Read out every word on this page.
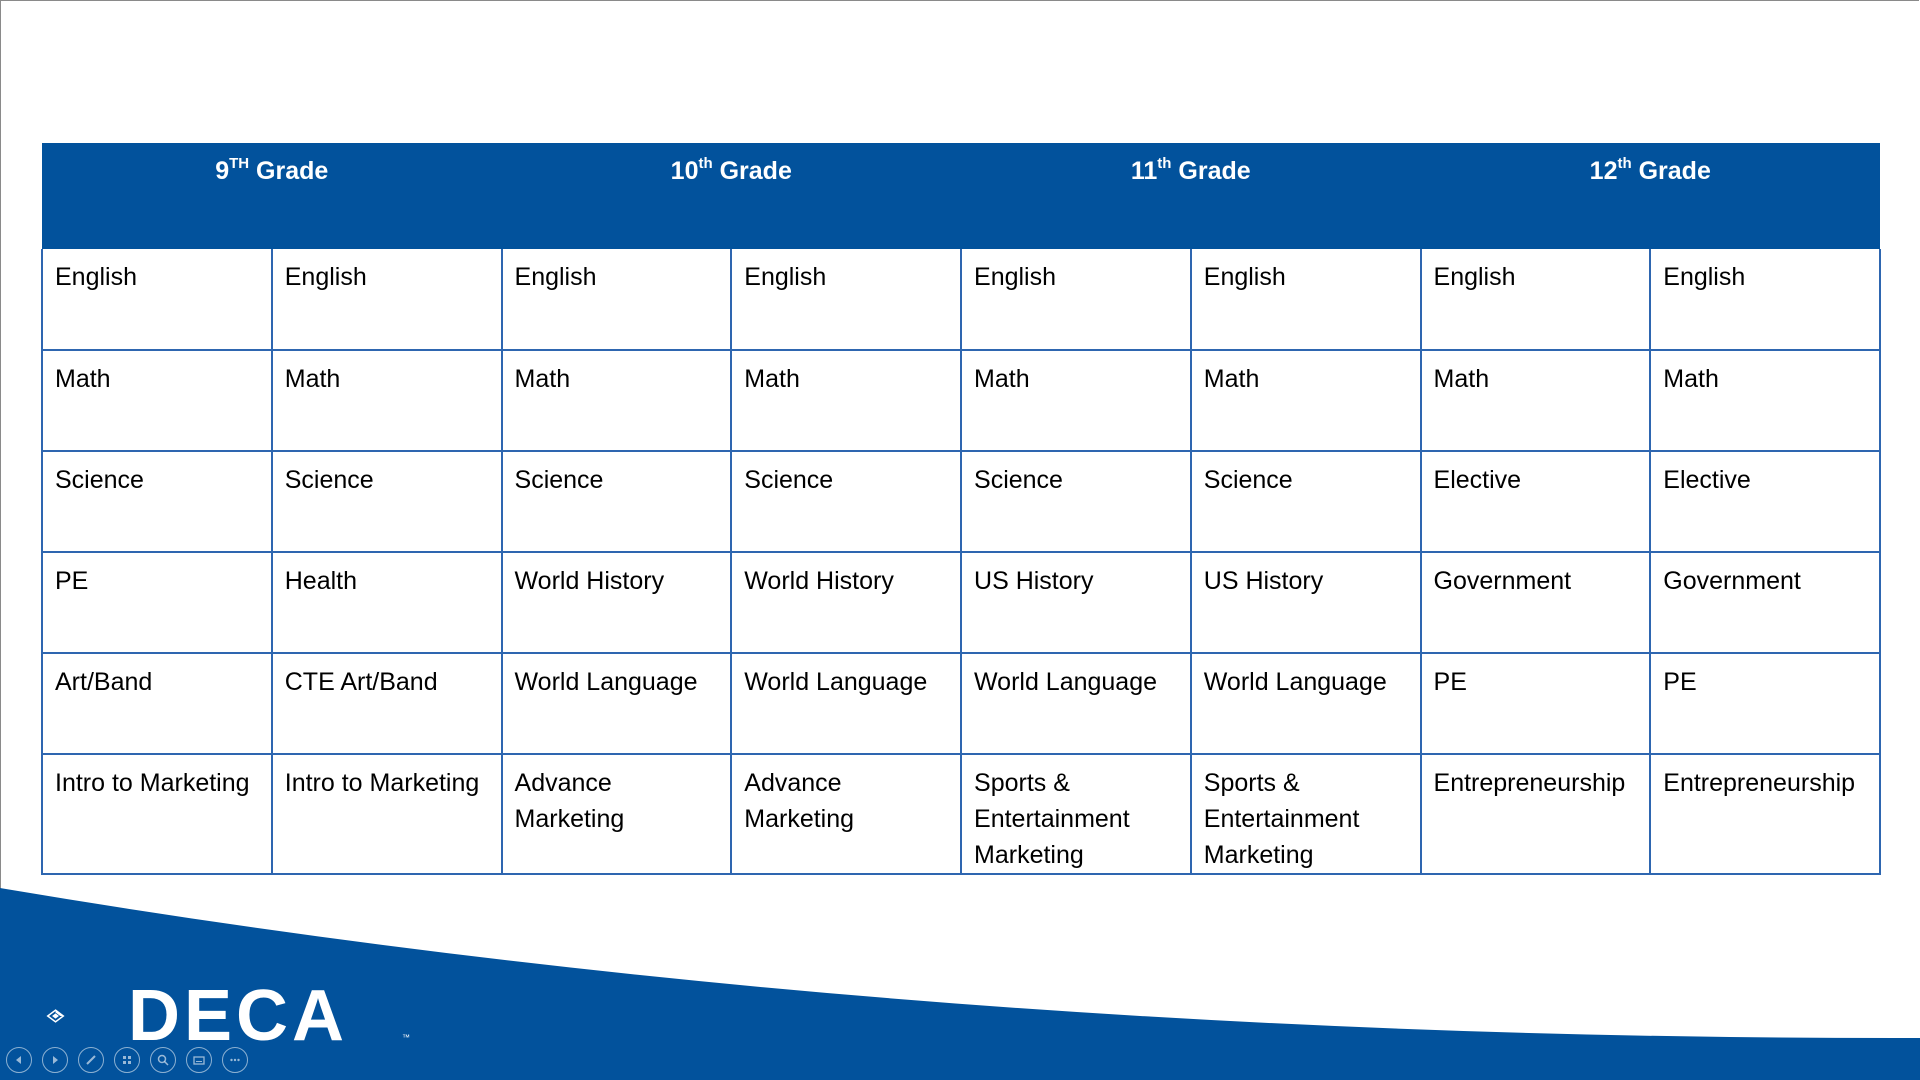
9TH Grade		10th Grade		11th Grade		12th Grade	
English	English	English	English	English	English	English	English
Math	Math	Math	Math	Math	Math	Math	Math
Science	Science	Science	Science	Science	Science	Elective	Elective
PE	Health	World History	World History	US History	US History	Government	Government
Art/Band	CTE Art/Band	World Language	World Language	World Language	World Language	PE	PE
Intro to Marketing	Intro to Marketing	Advance Marketing	Advance Marketing	Sports & Entertainment Marketing	Sports & Entertainment Marketing	Entrepreneurship	Entrepreneurship
DECA	™
